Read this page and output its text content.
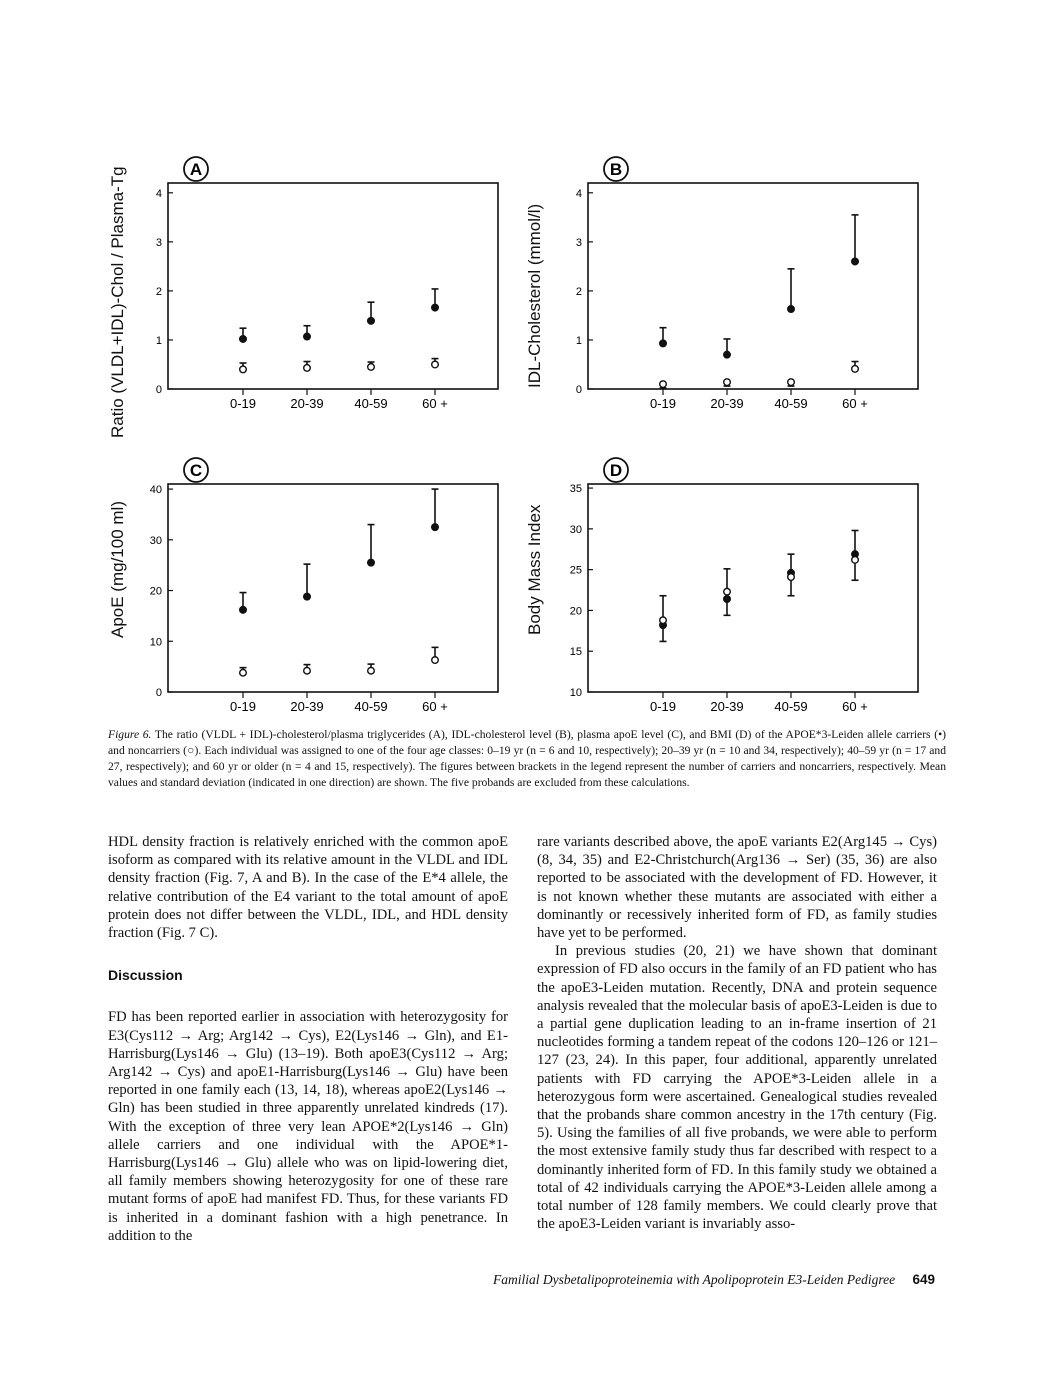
Ratio (VLDL+IDL)-Chol / Plasma-Tg	A
0
1
2
3
4
0-19	20-39 40-59	60 +
IDL-Cholesterol (mmol/l)
B
0
1
2
3
4
0-19	20-39 40-59	60 +
ApoE (mg/100 ml)
C
0
10
20
30
40
0-19	20-39 40-59	60 +
Body Mass Index
D
10
15
20
25
30
35
0-19	20-39 40-59	60 +
Figure 6. The ratio (VLDL + IDL)-cholesterol/plasma triglycerides (A), IDL-cholesterol level (B), plasma apoE level (C), and BMI (D) of the APOE*3-Leiden allele carriers (•) and noncarriers (○). Each individual was assigned to one of the four age classes: 0–19 yr (n = 6 and 10, respectively); 20–39 yr (n = 10 and 34, respectively); 40–59 yr (n = 17 and 27, respectively); and 60 yr or older (n = 4 and 15, respectively). The figures between brackets in the legend represent the number of carriers and noncarriers, respectively. Mean values and standard deviation (indicated in one direction) are shown. The five probands are excluded from these calculations.

HDL density fraction is relatively enriched with the common apoE isoform as compared with its relative amount in the VLDL and IDL density fraction (Fig. 7, A and B). In the case of the E*4 allele, the relative contribution of the E4 variant to the total amount of apoE protein does not differ between the VLDL, IDL, and HDL density fraction (Fig. 7 C).

Discussion

FD has been reported earlier in association with heterozygosity for E3(Cys112 → Arg; Arg142 → Cys), E2(Lys146 → Gln), and E1-Harrisburg(Lys146 → Glu) (13–19). Both apoE3(Cys112 → Arg; Arg142 → Cys) and apoE1-Harrisburg(Lys146 → Glu) have been reported in one family each (13, 14, 18), whereas apoE2(Lys146 → Gln) has been studied in three apparently unrelated kindreds (17). With the exception of three very lean APOE*2(Lys146 → Gln) allele carriers and one individual with the APOE*1-Harrisburg(Lys146 → Glu) allele who was on lipid-lowering diet, all family members showing heterozygosity for one of these rare mutant forms of apoE had manifest FD. Thus, for these variants FD is inherited in a dominant fashion with a high penetrance. In addition to the

rare variants described above, the apoE variants E2(Arg145 → Cys) (8, 34, 35) and E2-Christchurch(Arg136 → Ser) (35, 36) are also reported to be associated with the development of FD. However, it is not known whether these mutants are associated with either a dominantly or recessively inherited form of FD, as family studies have yet to be performed.

In previous studies (20, 21) we have shown that dominant expression of FD also occurs in the family of an FD patient who has the apoE3-Leiden mutation. Recently, DNA and protein sequence analysis revealed that the molecular basis of apoE3-Leiden is due to a partial gene duplication leading to an in-frame insertion of 21 nucleotides forming a tandem repeat of the codons 120–126 or 121–127 (23, 24). In this paper, four additional, apparently unrelated patients with FD carrying the APOE*3-Leiden allele in a heterozygous form were ascertained. Genealogical studies revealed that the probands share common ancestry in the 17th century (Fig. 5). Using the families of all five probands, we were able to perform the most extensive family study thus far described with respect to a dominantly inherited form of FD. In this family study we obtained a total of 42 individuals carrying the APOE*3-Leiden allele among a total number of 128 family members. We could clearly prove that the apoE3-Leiden variant is invariably asso-

Familial Dysbetalipoproteinemia with Apolipoprotein E3-Leiden Pedigree 649
